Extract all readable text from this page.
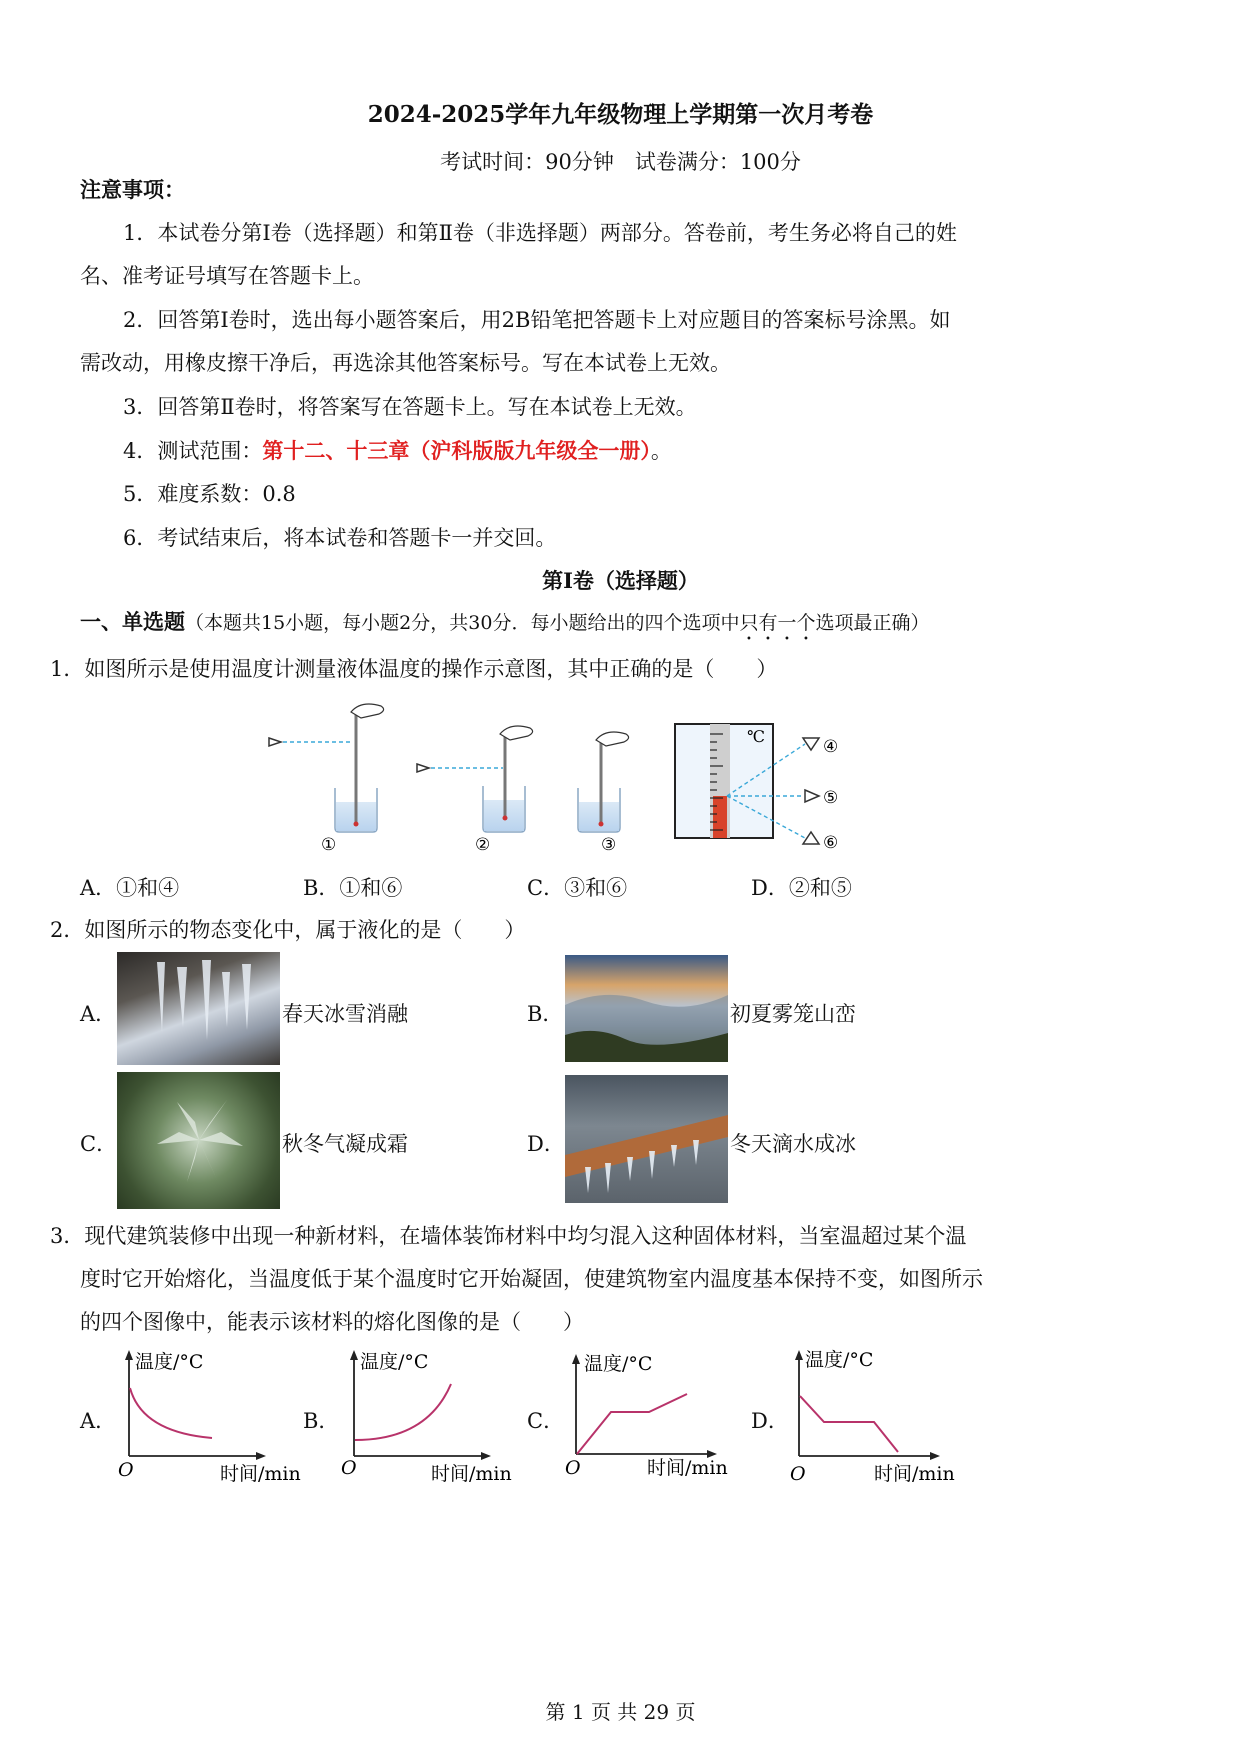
2024-2025学年九年级物理上学期第一次月考卷
考试时间：90分钟　试卷满分：100分
注意事项：
1．本试卷分第Ⅰ卷（选择题）和第Ⅱ卷（非选择题）两部分。答卷前，考生务必将自己的姓
名、准考证号填写在答题卡上。
2．回答第Ⅰ卷时，选出每小题答案后，用2B铅笔把答题卡上对应题目的答案标号涂黑。如
需改动，用橡皮擦干净后，再选涂其他答案标号。写在本试卷上无效。
3．回答第Ⅱ卷时，将答案写在答题卡上。写在本试卷上无效。
4．测试范围：第十二、十三章（沪科版版九年级全一册）。
5．难度系数：0.8
6．考试结束后，将本试卷和答题卡一并交回。
第Ⅰ卷（选择题）
一、单选题（本题共15小题，每小题2分，共30分．每小题给出的四个选项中只有一个选项最正确）
1．如图所示是使用温度计测量液体温度的操作示意图，其中正确的是（　　）
℃
①	②	③
④
⑤
⑥
A．①和④	B．①和⑥	C．③和⑥	D．②和⑤
2．如图所示的物态变化中，属于液化的是（　　）
A．	春天冰雪消融	B．	初夏雾笼山峦
C．	秋冬气凝成霜	D．	冬天滴水成冰
3．现代建筑装修中出现一种新材料，在墙体装饰材料中均匀混入这种固体材料，当室温超过某个温
度时它开始熔化，当温度低于某个温度时它开始凝固，使建筑物室内温度基本保持不变，如图所示
的四个图像中，能表示该材料的熔化图像的是（　　）
A．
温度/°C
时间/min
O
B．
温度/°C
时间/min
O
C．
温度/°C
时间/min
O
D．
温度/°C
时间/min
O
第 1 页 共 29 页
